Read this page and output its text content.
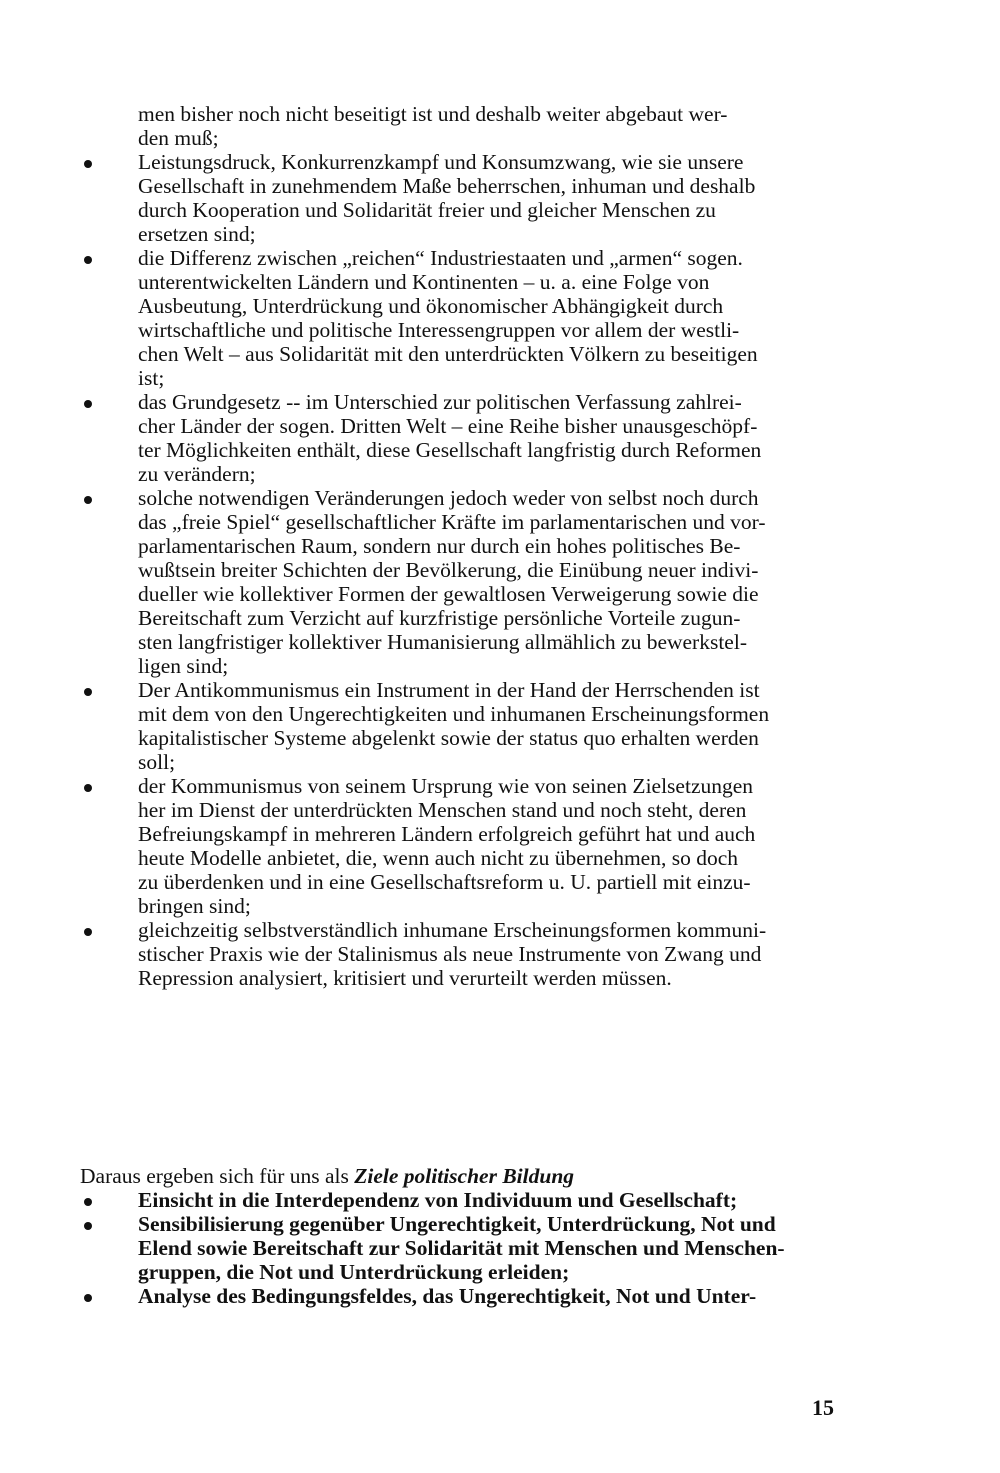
men bisher noch nicht beseitigt ist und deshalb weiter abgebaut wer-
den muß;
Leistungsdruck, Konkurrenzkampf und Konsumzwang, wie sie unsere
Gesellschaft in zunehmendem Maße beherrschen, inhuman und deshalb
durch Kooperation und Solidarität freier und gleicher Menschen zu
ersetzen sind;
die Differenz zwischen „reichen“ Industriestaaten und „armen“ sogen.
unterentwickelten Ländern und Kontinenten – u. a. eine Folge von
Ausbeutung, Unterdrückung und ökonomischer Abhängigkeit durch
wirtschaftliche und politische Interessengruppen vor allem der westli-
chen Welt – aus Solidarität mit den unterdrückten Völkern zu beseitigen
ist;
das Grundgesetz -- im Unterschied zur politischen Verfassung zahlrei-
cher Länder der sogen. Dritten Welt – eine Reihe bisher unausgeschöpf-
ter Möglichkeiten enthält, diese Gesellschaft langfristig durch Reformen
zu verändern;
solche notwendigen Veränderungen jedoch weder von selbst noch durch
das „freie Spiel“ gesellschaftlicher Kräfte im parlamentarischen und vor-
parlamentarischen Raum, sondern nur durch ein hohes politisches Be-
wußtsein breiter Schichten der Bevölkerung, die Einübung neuer indivi-
dueller wie kollektiver Formen der gewaltlosen Verweigerung sowie die
Bereitschaft zum Verzicht auf kurzfristige persönliche Vorteile zugun-
sten langfristiger kollektiver Humanisierung allmählich zu bewerkstel-
ligen sind;
Der Antikommunismus ein Instrument in der Hand der Herrschenden ist
mit dem von den Ungerechtigkeiten und inhumanen Erscheinungsformen
kapitalistischer Systeme abgelenkt sowie der status quo erhalten werden
soll;
der Kommunismus von seinem Ursprung wie von seinen Zielsetzungen
her im Dienst der unterdrückten Menschen stand und noch steht, deren
Befreiungskampf in mehreren Ländern erfolgreich geführt hat und auch
heute Modelle anbietet, die, wenn auch nicht zu übernehmen, so doch
zu überdenken und in eine Gesellschaftsreform u. U. partiell mit einzu-
bringen sind;
gleichzeitig selbstverständlich inhumane Erscheinungsformen kommuni-
stischer Praxis wie der Stalinismus als neue Instrumente von Zwang und
Repression analysiert, kritisiert und verurteilt werden müssen.
Daraus ergeben sich für uns als Ziele politischer Bildung
Einsicht in die Interdependenz von Individuum und Gesellschaft;
Sensibilisierung gegenüber Ungerechtigkeit, Unterdrückung, Not und
Elend sowie Bereitschaft zur Solidarität mit Menschen und Menschen-
gruppen, die Not und Unterdrückung erleiden;
Analyse des Bedingungsfeldes, das Ungerechtigkeit, Not und Unter-
15
